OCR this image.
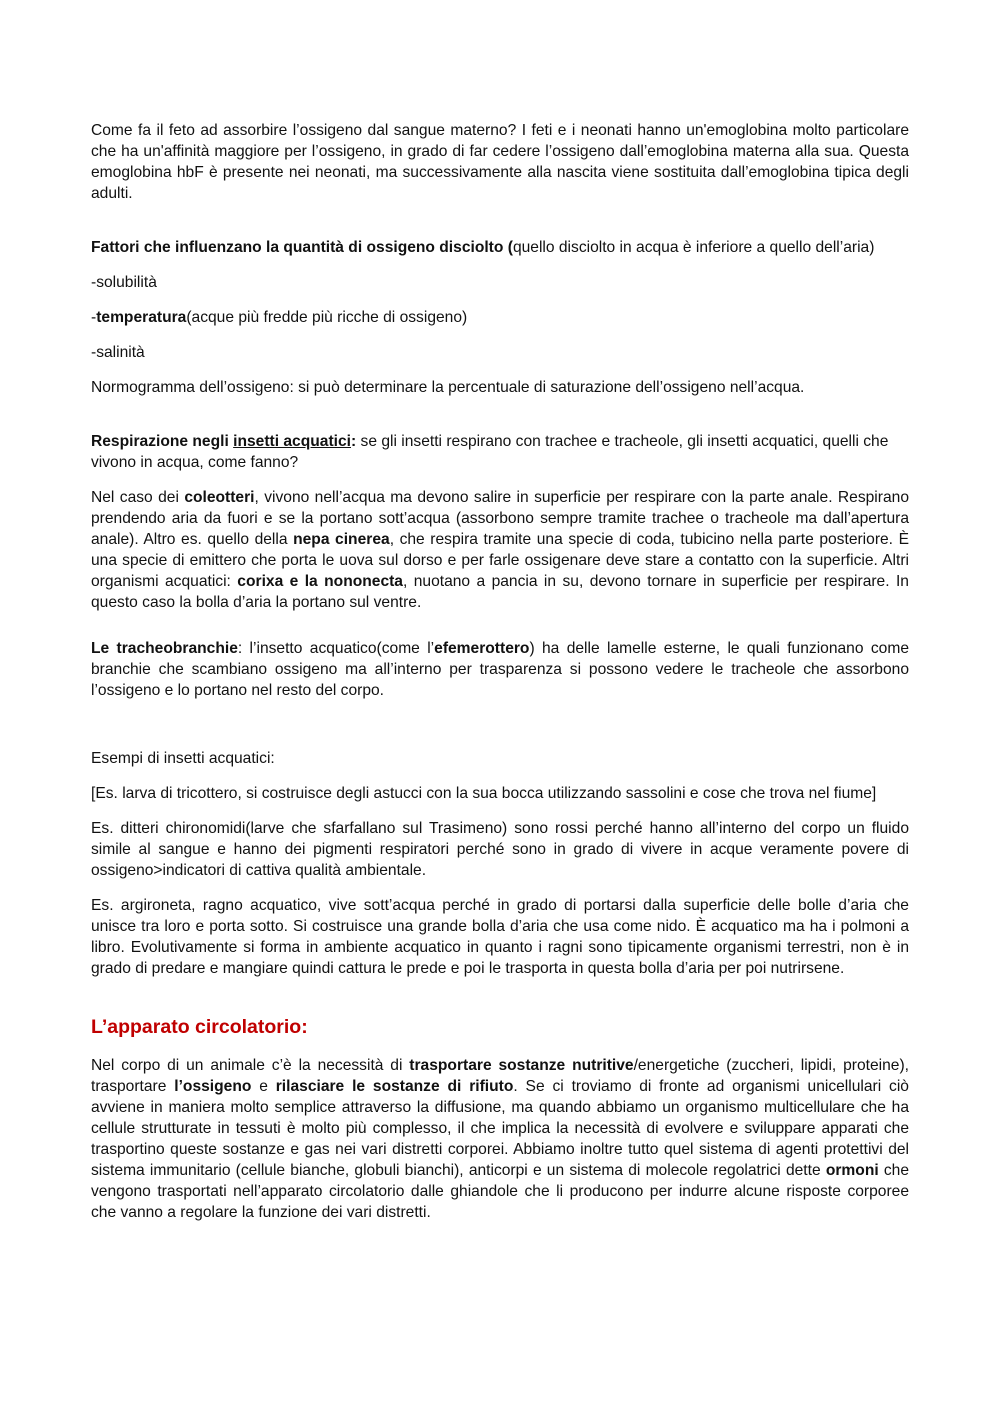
Come fa il feto ad assorbire l’ossigeno dal sangue materno? I feti e i neonati hanno un'emoglobina molto particolare che ha un'affinità maggiore per l’ossigeno, in grado di far cedere l’ossigeno dall’emoglobina materna alla sua. Questa emoglobina hbF è presente nei neonati, ma successivamente alla nascita viene sostituita dall’emoglobina tipica degli adulti.

Fattori che influenzano la quantità di ossigeno disciolto (quello disciolto in acqua è inferiore a quello dell’aria)

-solubilità

-temperatura(acque più fredde più ricche di ossigeno)

-salinità

Normogramma dell’ossigeno: si può determinare la percentuale di saturazione dell’ossigeno nell’acqua.

Respirazione negli insetti acquatici: se gli insetti respirano con trachee e tracheole, gli insetti acquatici, quelli che vivono in acqua, come fanno?

Nel caso dei coleotteri, vivono nell’acqua ma devono salire in superficie per respirare con la parte anale. Respirano prendendo aria da fuori e se la portano sott’acqua (assorbono sempre tramite trachee o tracheole ma dall’apertura anale). Altro es. quello della nepa cinerea, che respira tramite una specie di coda, tubicino nella parte posteriore. È una specie di emittero che porta le uova sul dorso e per farle ossigenare deve stare a contatto con la superficie. Altri organismi acquatici: corixa e la nononecta, nuotano a pancia in su, devono tornare in superficie per respirare. In questo caso la bolla d’aria la portano sul ventre.

Le tracheobranchie: l’insetto acquatico(come l’efemerottero) ha delle lamelle esterne, le quali funzionano come branchie che scambiano ossigeno ma all’interno per trasparenza si possono vedere le tracheole che assorbono l’ossigeno e lo portano nel resto del corpo.

Esempi di insetti acquatici:

[Es. larva di tricottero, si costruisce degli astucci con la sua bocca utilizzando sassolini e cose che trova nel fiume]

Es. ditteri chironomidi(larve che sfarfallano sul Trasimeno) sono rossi perché hanno all’interno del corpo un fluido simile al sangue e hanno dei pigmenti respiratori perché sono in grado di vivere in acque veramente povere di ossigeno>indicatori di cattiva qualità ambientale.

Es. argironeta, ragno acquatico, vive sott’acqua perché in grado di portarsi dalla superficie delle bolle d’aria che unisce tra loro e porta sotto. Si costruisce una grande bolla d’aria che usa come nido. È acquatico ma ha i polmoni a libro. Evolutivamente si forma in ambiente acquatico in quanto i ragni sono tipicamente organismi terrestri, non è in grado di predare e mangiare quindi cattura le prede e poi le trasporta in questa bolla d’aria per poi nutrirsene.

L’apparato circolatorio:

Nel corpo di un animale c’è la necessità di trasportare sostanze nutritive/energetiche (zuccheri, lipidi, proteine), trasportare l’ossigeno e rilasciare le sostanze di rifiuto. Se ci troviamo di fronte ad organismi unicellulari ciò avviene in maniera molto semplice attraverso la diffusione, ma quando abbiamo un organismo multicellulare che ha cellule strutturate in tessuti è molto più complesso, il che implica la necessità di evolvere e sviluppare apparati che trasportino queste sostanze e gas nei vari distretti corporei. Abbiamo inoltre tutto quel sistema di agenti protettivi del sistema immunitario (cellule bianche, globuli bianchi), anticorpi e un sistema di molecole regolatrici dette ormoni che vengono trasportati nell’apparato circolatorio dalle ghiandole che li producono per indurre alcune risposte corporee che vanno a regolare la funzione dei vari distretti.
